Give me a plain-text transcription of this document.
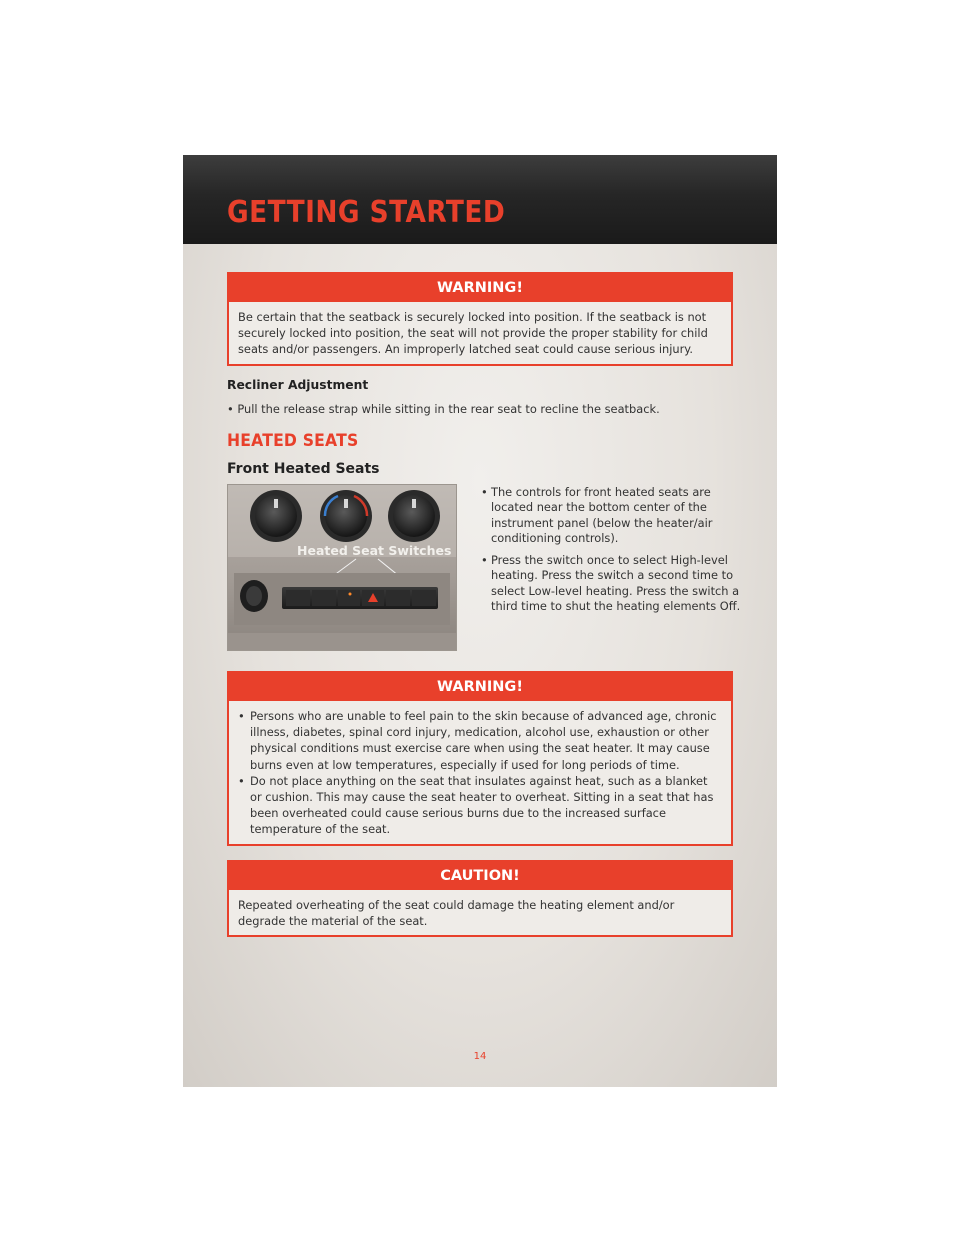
GETTING STARTED
WARNING!

Be certain that the seatback is securely locked into position. If the seatback is not securely locked into position, the seat will not provide the proper stability for child seats and/or passengers. An improperly latched seat could cause serious injury.

Recliner Adjustment
• Pull the release strap while sitting in the rear seat to recline the seatback.
HEATED SEATS
Front Heated Seats
Heated Seat Switches
• The controls for front heated seats are located near the bottom center of the instrument panel (below the heater/air conditioning controls).
• Press the switch once to select High-level heating. Press the switch a second time to select Low-level heating. Press the switch a third time to shut the heating elements Off.
WARNING!
• Persons who are unable to feel pain to the skin because of advanced age, chronic illness, diabetes, spinal cord injury, medication, alcohol use, exhaustion or other physical conditions must exercise care when using the seat heater. It may cause burns even at low temperatures, especially if used for long periods of time.
• Do not place anything on the seat that insulates against heat, such as a blanket or cushion. This may cause the seat heater to overheat. Sitting in a seat that has been overheated could cause serious burns due to the increased surface temperature of the seat.
CAUTION!

Repeated overheating of the seat could damage the heating element and/or degrade the material of the seat.

14
